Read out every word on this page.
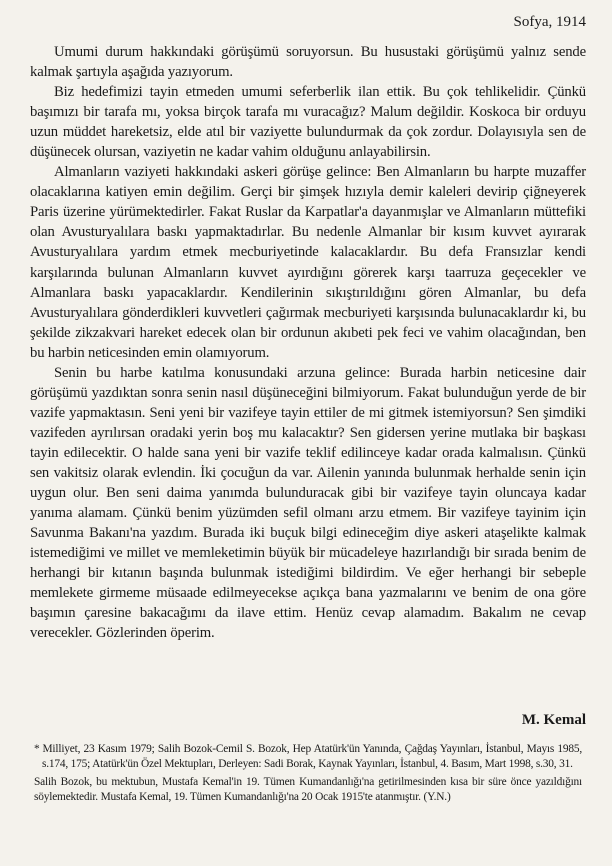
Sofya, 1914

Umumi durum hakkındaki görüşümü soruyorsun. Bu husustaki görüşümü yalnız sende kalmak şartıyla aşağıda yazıyorum.

Biz hedefimizi tayin etmeden umumi seferberlik ilan ettik. Bu çok tehlikelidir. Çünkü başımızı bir tarafa mı, yoksa birçok tarafa mı vuracağız? Malum değildir. Koskoca bir orduyu uzun müddet hareketsiz, elde atıl bir vaziyette bulundurmak da çok zordur. Dolayısıyla sen de düşünecek olursan, vaziyetin ne kadar vahim olduğunu anlayabilirsin.

Almanların vaziyeti hakkındaki askeri görüşe gelince: Ben Almanların bu harpte muzaffer olacaklarına katiyen emin değilim. Gerçi bir şimşek hızıyla demir kaleleri devirip çiğneyerek Paris üzerine yürümektedirler. Fakat Ruslar da Karpatlar'a dayanmışlar ve Almanların müttefiki olan Avusturyalılara baskı yapmaktadırlar. Bu nedenle Almanlar bir kısım kuvvet ayırarak Avusturyalılara yardım etmek mecburiyetinde kalacaklardır. Bu defa Fransızlar kendi karşılarında bulunan Almanların kuvvet ayırdığını görerek karşı taarruza geçecekler ve Almanlara baskı yapacaklardır. Kendilerinin sıkıştırıldığını gören Almanlar, bu defa Avusturyalılara gönderdikleri kuvvetleri çağırmak mecburiyeti karşısında bulunacaklardır ki, bu şekilde zikzakvari hareket edecek olan bir ordunun akıbeti pek feci ve vahim olacağından, ben bu harbin neticesinden emin olamıyorum.

Senin bu harbe katılma konusundaki arzuna gelince: Burada harbin neticesine dair görüşümü yazdıktan sonra senin nasıl düşüneceğini bilmiyorum. Fakat bulunduğun yerde de bir vazife yapmaktasın. Seni yeni bir vazifeye tayin ettiler de mi gitmek istemiyorsun? Sen şimdiki vazifeden ayrılırsan oradaki yerin boş mu kalacaktır? Sen gidersen yerine mutlaka bir başkası tayin edilecektir. O halde sana yeni bir vazife teklif edilinceye kadar orada kalmalısın. Çünkü sen vakitsiz olarak evlendin. İki çocuğun da var. Ailenin yanında bulunmak herhalde senin için uygun olur. Ben seni daima yanımda bulunduracak gibi bir vazifeye tayin oluncaya kadar yanıma alamam. Çünkü benim yüzümden sefil olmanı arzu etmem. Bir vazifeye tayinim için Savunma Bakanı'na yazdım. Burada iki buçuk bilgi edineceğim diye askeri ataşelikte kalmak istemediğimi ve millet ve memleketimin büyük bir mücadeleye hazırlandığı bir sırada benim de herhangi bir kıtanın başında bulunmak istediğimi bildirdim. Ve eğer herhangi bir sebeple memlekete girmeme müsaade edilmeyecekse açıkça bana yazmalarını ve benim de ona göre başımın çaresine bakacağımı da ilave ettim. Henüz cevap alamadım. Bakalım ne cevap verecekler. Gözlerinden öperim.

M. Kemal

* Milliyet, 23 Kasım 1979; Salih Bozok-Cemil S. Bozok, Hep Atatürk'ün Yanında, Çağdaş Yayınları, İstanbul, Mayıs 1985, s.174, 175; Atatürk'ün Özel Mektupları, Derleyen: Sadi Borak, Kaynak Yayınları, İstanbul, 4. Basım, Mart 1998, s.30, 31.

Salih Bozok, bu mektubun, Mustafa Kemal'in 19. Tümen Kumandanlığı'na getirilmesinden kısa bir süre önce yazıldığını söylemektedir. Mustafa Kemal, 19. Tümen Kumandanlığı'na 20 Ocak 1915'te atanmıştır. (Y.N.)
